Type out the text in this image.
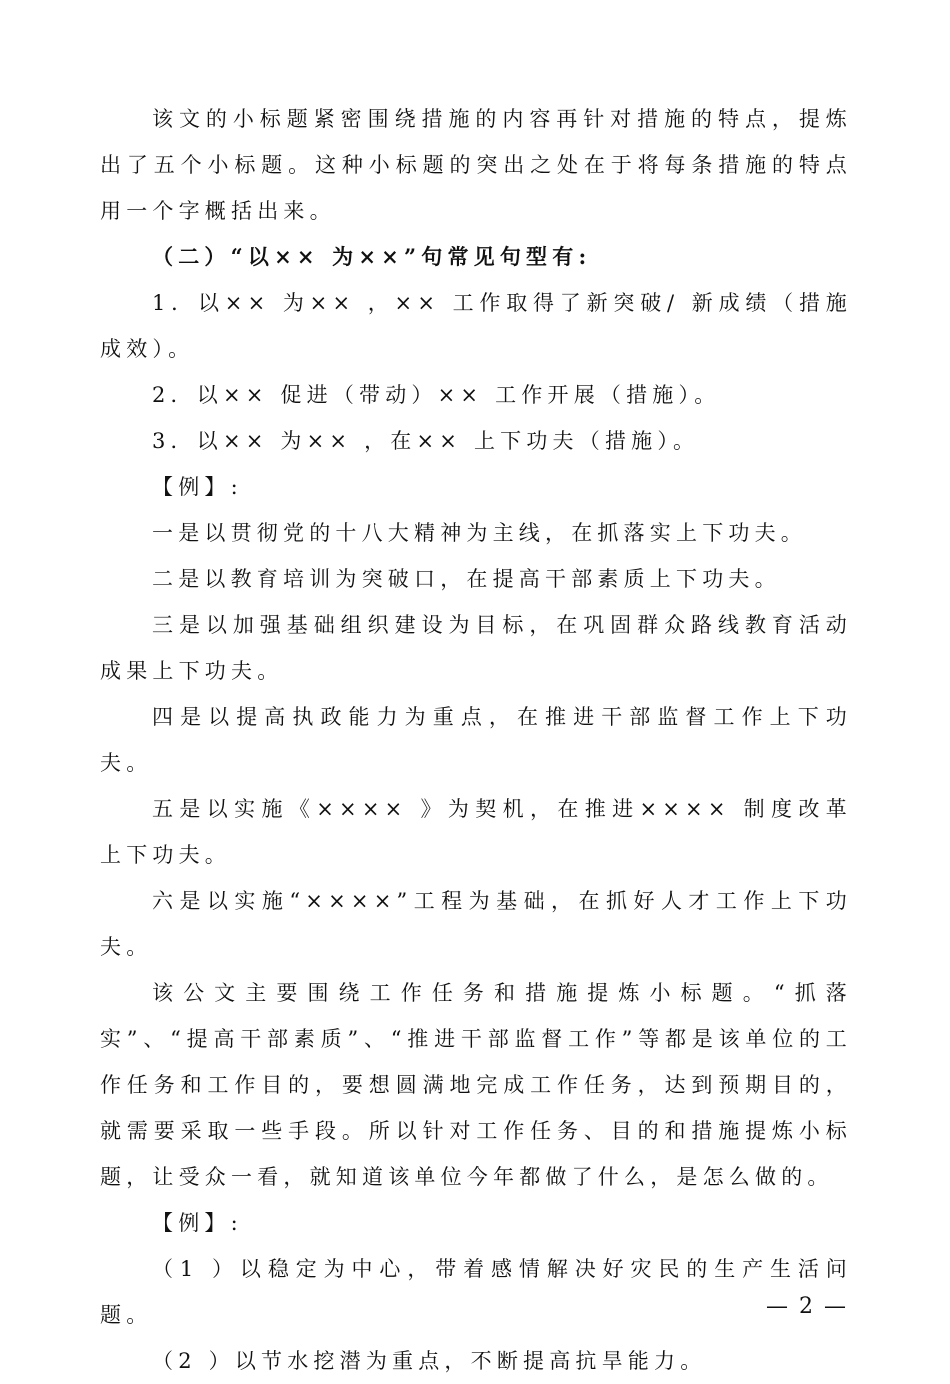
该文的小标题紧密围绕措施的内容再针对措施的特点，提炼出了五个小标题。这种小标题的突出之处在于将每条措施的特点用一个字概括出来。

（二）“以×× 为××”句常见句型有:

1．以×× 为×× ，×× 工作取得了新突破/ 新成绩（措施成效）。

2．以×× 促进（带动）×× 工作开展（措施）。

3．以×× 为×× ，在×× 上下功夫（措施）。

【例】:

一是以贯彻党的十八大精神为主线，在抓落实上下功夫。

二是以教育培训为突破口，在提高干部素质上下功夫。

三是以加强基础组织建设为目标，在巩固群众路线教育活动成果上下功夫。

四是以提高执政能力为重点，在推进干部监督工作上下功夫。

五是以实施《×××× 》为契机，在推进×××× 制度改革上下功夫。

六是以实施“××××”工程为基础，在抓好人才工作上下功夫。

该公文主要围绕工作任务和措施提炼小标题。“抓落实”、“提高干部素质”、“推进干部监督工作”等都是该单位的工作任务和工作目的，要想圆满地完成工作任务，达到预期目的，就需要采取一些手段。所以针对工作任务、目的和措施提炼小标题，让受众一看，就知道该单位今年都做了什么，是怎么做的。

【例】:

（1 ）以稳定为中心，带着感情解决好灾民的生产生活问题。

（2 ）以节水挖潜为重点，不断提高抗旱能力。

— 2 —
